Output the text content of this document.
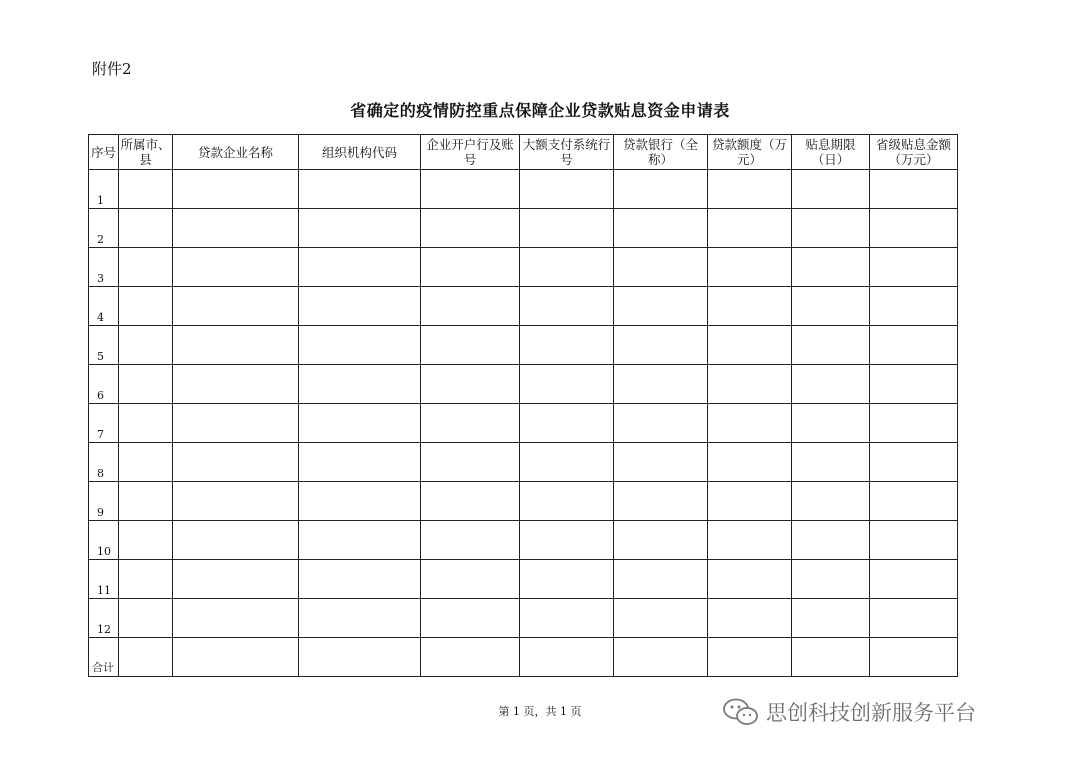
附件2
省确定的疫情防控重点保障企业贷款贴息资金申请表
序号	所属市、县	贷款企业名称	组织机构代码	企业开户行及账号	大额支付系统行号	贷款银行（全称）	贷款额度（万元）	贴息期限（日）	省级贴息金额（万元）
1									
2									
3									
4									
5									
6									
7									
8									
9									
10									
11									
12									
合计									
第 1 页，共 1 页	思创科技创新服务平台
